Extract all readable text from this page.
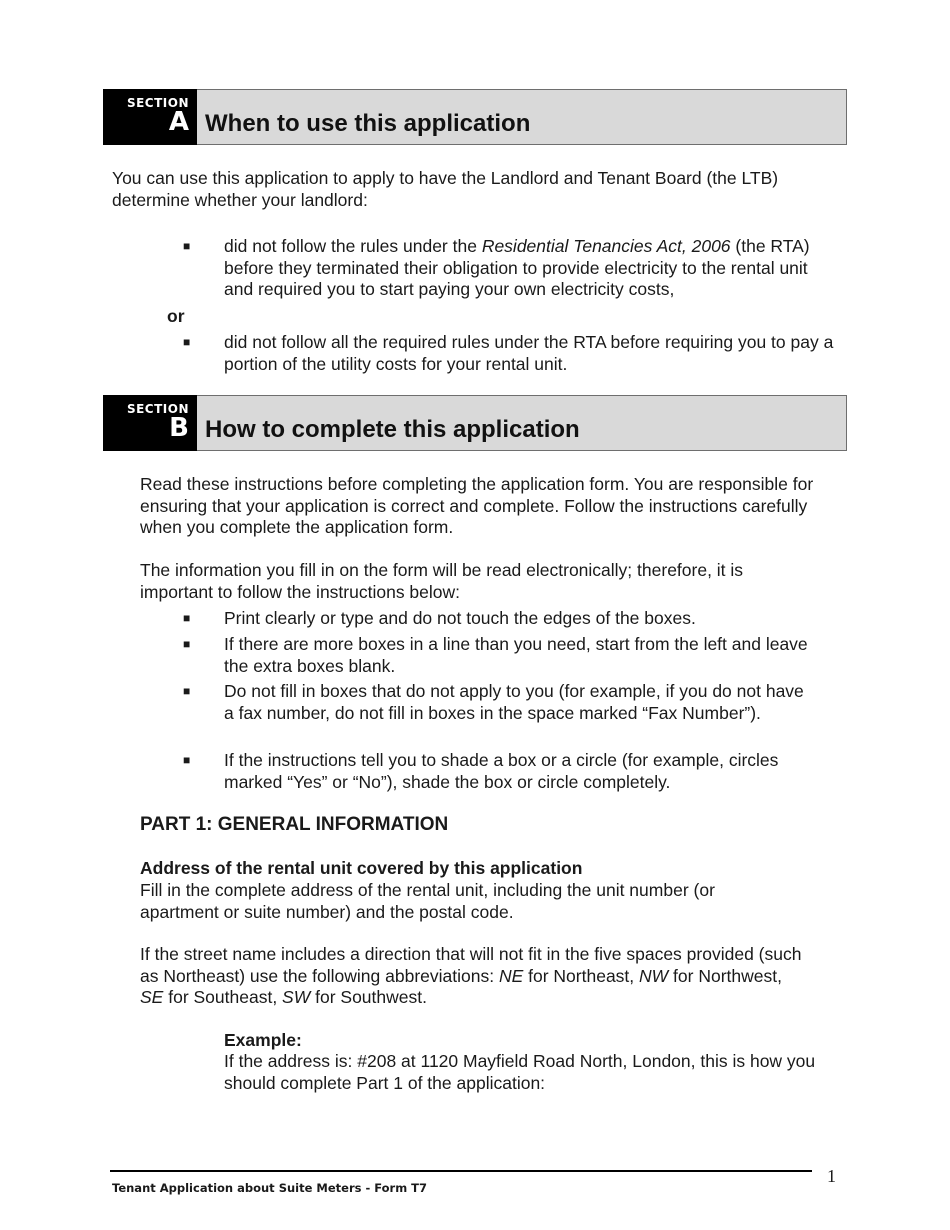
SECTION
A When to use this application
You can use this application to apply to have the Landlord and Tenant Board (the LTB) determine whether your landlord:
■ did not follow the rules under the Residential Tenancies Act, 2006 (the RTA) before they terminated their obligation to provide electricity to the rental unit and required you to start paying your own electricity costs,
or
■ did not follow all the required rules under the RTA before requiring you to pay a portion of the utility costs for your rental unit.
SECTION
B How to complete this application
Read these instructions before completing the application form. You are responsible for ensuring that your application is correct and complete. Follow the instructions carefully when you complete the application form.
The information you fill in on the form will be read electronically; therefore, it is important to follow the instructions below:
■ Print clearly or type and do not touch the edges of the boxes.
■ If there are more boxes in a line than you need, start from the left and leave the extra boxes blank.
■ Do not fill in boxes that do not apply to you (for example, if you do not have a fax number, do not fill in boxes in the space marked “Fax Number”).
■ If the instructions tell you to shade a box or a circle (for example, circles marked “Yes” or “No”), shade the box or circle completely.
PART 1: GENERAL INFORMATION
Address of the rental unit covered by this application
Fill in the complete address of the rental unit, including the unit number (or apartment or suite number) and the postal code.
If the street name includes a direction that will not fit in the five spaces provided (such as Northeast) use the following abbreviations: NE for Northeast, NW for Northwest, SE for Southeast, SW for Southwest.
Example:
If the address is: #208 at 1120 Mayfield Road North, London, this is how you should complete Part 1 of the application:
1
Tenant Application about Suite Meters - Form T7
